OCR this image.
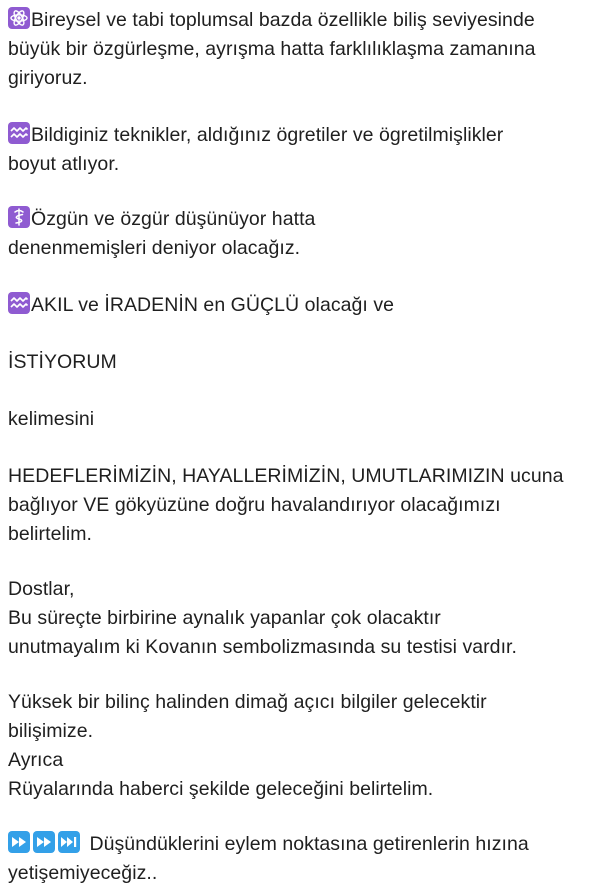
Bireysel ve tabi toplumsal bazda özellikle biliş seviyesinde
büyük bir özgürleşme, ayrışma hatta farklılıklaşma zamanına
giriyoruz.
Bildiginiz teknikler, aldığınız ögretiler ve ögretilmişlikler
boyut atlıyor.
Özgün ve özgür düşünüyor hatta
denenmemişleri deniyor olacağız.
AKIL ve İRADENİN en GÜÇLÜ olacağı ve
İSTİYORUM
kelimesini
HEDEFLERİMİZİN, HAYALLERİMİZİN, UMUTLARIMIZIN ucuna
bağlıyor VE gökyüzüne doğru havalandırıyor olacağımızı
belirtelim.
Dostlar,
Bu süreçte birbirine aynalık yapanlar çok olacaktır
unutmayalım ki Kovanın sembolizmasında su testisi vardır.
Yüksek bir bilinç halinden dimağ açıcı bilgiler gelecektir
bilişimize.
Ayrıca
Rüyalarında haberci şekilde geleceğini belirtelim.
Düşündüklerini eylem noktasına getirenlerin hızına
yetişemiyeceğiz..
